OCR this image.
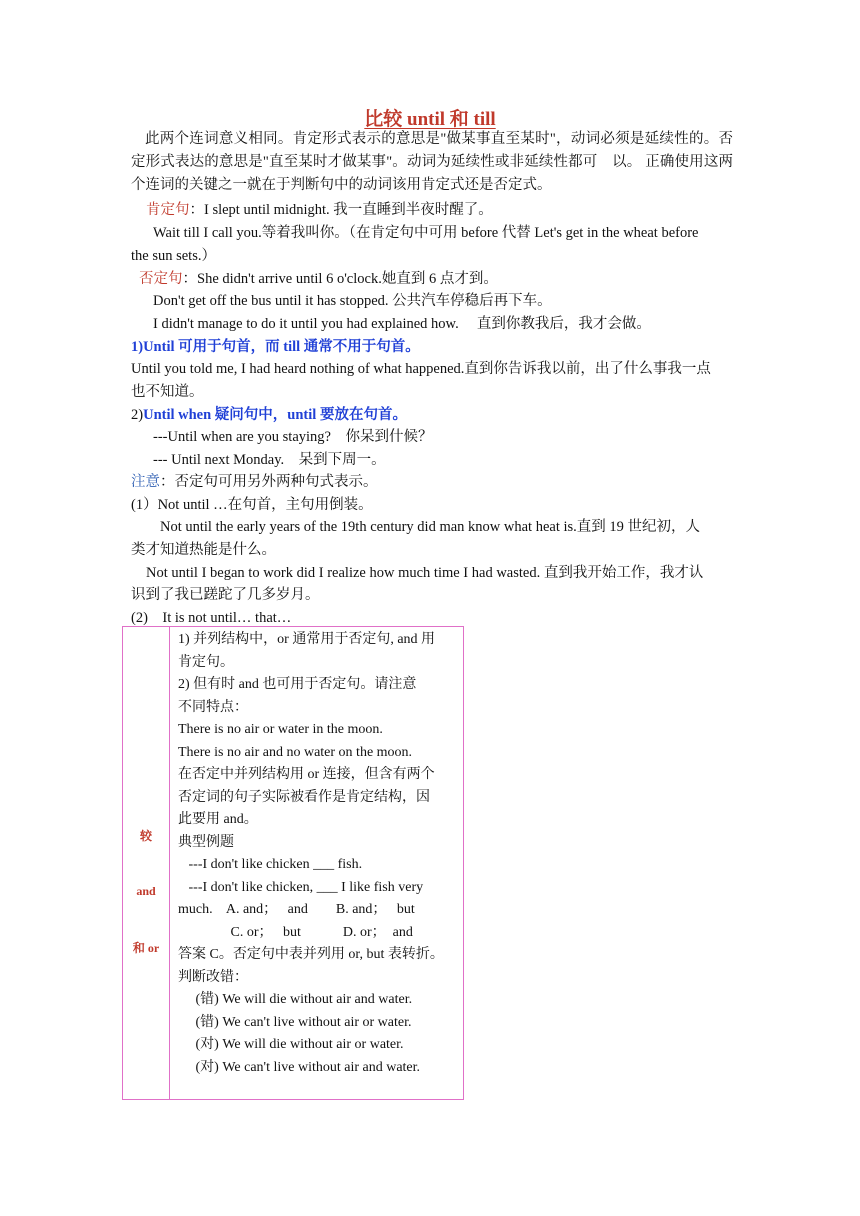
比较 until 和 till
此两个连词意义相同。肯定形式表示的意思是"做某事直至某时"，动词必须是延续性的。否定形式表达的意思是"直至某时才做某事"。动词为延续性或非延续性都可　以。 正确使用这两个连词的关键之一就在于判断句中的动词该用肯定式还是否定式。
肯定句：I slept until midnight. 我一直睡到半夜时醒了。
Wait till I call you.等着我叫你。（在肯定句中可用 before 代替 Let's get in the wheat before
the sun sets.）
否定句：She didn't arrive until 6 o'clock.她直到 6 点才到。
Don't get off the bus until it has stopped. 公共汽车停稳后再下车。
I didn't manage to do it until you had explained how.　 直到你教我后，我才会做。
1)Until 可用于句首，而 till 通常不用于句首。
Until you told me, I had heard nothing of what happened.直到你告诉我以前，出了什么事我一点
也不知道。
2)Until when 疑问句中，until 要放在句首。
---Until when are you staying?　你呆到什候？
--- Until next Monday.　呆到下周一。
注意：否定句可用另外两种句式表示。
(1）Not until …在句首，主句用倒装。
Not until the early years of the 19th century did man know what heat is.直到 19 世纪初，人
类才知道热能是什么。
Not until I began to work did I realize how much time I had wasted. 直到我开始工作，我才认
识到了我已蹉跎了几多岁月。
(2)　It is not until… that…
较
and
和 or
1) 并列结构中，or 通常用于否定句, and 用
肯定句。
2) 但有时 and 也可用于否定句。请注意
不同特点：
There is no air or water in the moon.
There is no air and no water on the moon.
在否定中并列结构用 or 连接，但含有两个
否定词的句子实际被看作是肯定结构，因
此要用 and。
典型例题
---I don't like chicken ___ fish.
---I don't like chicken, ___ I like fish very
much.    A. and；   and        B. and；   but
C. or；   but            D. or；  and
答案 C。否定句中表并列用 or, but 表转折。
判断改错：
(错) We will die without air and water.
(错) We can't live without air or water.
(对) We will die without air or water.
(对) We can't live without air and water.
